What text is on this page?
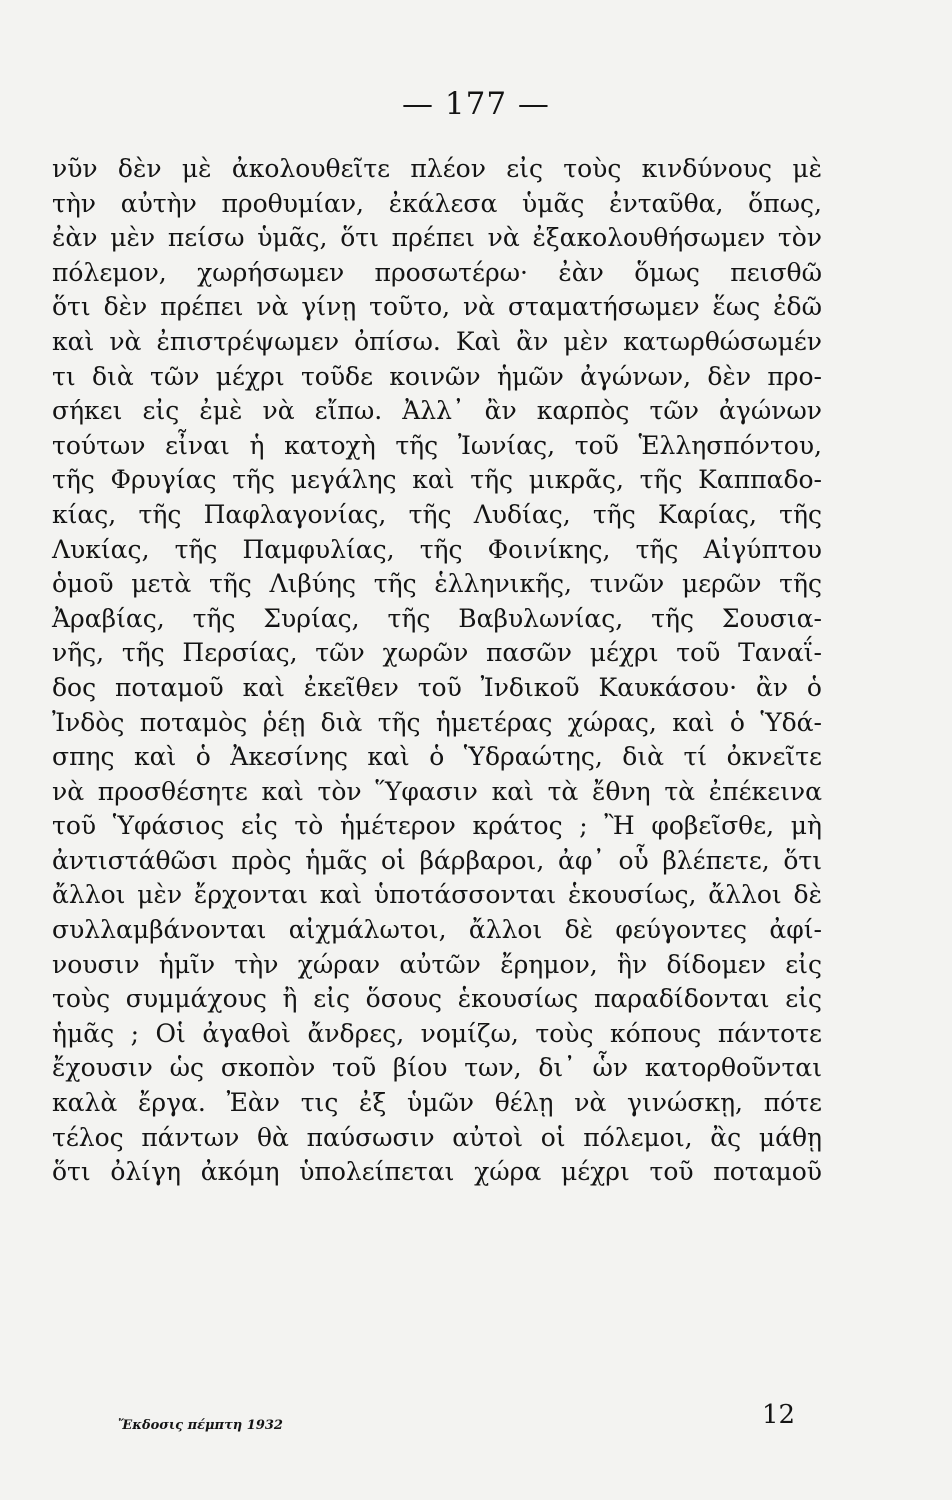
— 177 —
νῦν δὲν μὲ ἀκολουθεῖτε πλέον εἰς τοὺς κινδύνους μὲ
τὴν αὐτὴν προθυμίαν, ἐκάλεσα ὑμᾶς ἐνταῦθα, ὅπως,
ἐὰν μὲν πείσω ὑμᾶς, ὅτι πρέπει νὰ ἐξακολουθήσωμεν τὸν
πόλεμον, χωρήσωμεν προσωτέρω· ἐὰν ὅμως πεισθῶ
ὅτι δὲν πρέπει νὰ γίνῃ τοῦτο, νὰ σταματήσωμεν ἕως ἐδῶ
καὶ νὰ ἐπιστρέψωμεν ὀπίσω. Καὶ ἂν μὲν κατωρθώσωμέν
τι διὰ τῶν μέχρι τοῦδε κοινῶν ἡμῶν ἀγώνων, δὲν προ-
σήκει εἰς ἐμὲ νὰ εἴπω. Ἀλλ᾽ ἂν καρπὸς τῶν ἀγώνων
τούτων εἶναι ἡ κατοχὴ τῆς Ἰωνίας, τοῦ Ἑλλησπόντου,
τῆς Φρυγίας τῆς μεγάλης καὶ τῆς μικρᾶς, τῆς Καππαδο-
κίας, τῆς Παφλαγονίας, τῆς Λυδίας, τῆς Καρίας, τῆς
Λυκίας, τῆς Παμφυλίας, τῆς Φοινίκης, τῆς Αἰγύπτου
ὁμοῦ μετὰ τῆς Λιβύης τῆς ἑλληνικῆς, τινῶν μερῶν τῆς
Ἀραβίας, τῆς Συρίας, τῆς Βαβυλωνίας, τῆς Σουσια-
νῆς, τῆς Περσίας, τῶν χωρῶν πασῶν μέχρι τοῦ Ταναΐ-
δος ποταμοῦ καὶ ἐκεῖθεν τοῦ Ἰνδικοῦ Καυκάσου· ἂν ὁ
Ἰνδὸς ποταμὸς ῥέῃ διὰ τῆς ἡμετέρας χώρας, καὶ ὁ Ὑδά-
σπης καὶ ὁ Ἀκεσίνης καὶ ὁ Ὑδραώτης, διὰ τί ὀκνεῖτε
νὰ προσθέσητε καὶ τὸν Ὕφασιν καὶ τὰ ἔθνη τὰ ἐπέκεινα
τοῦ Ὑφάσιος εἰς τὸ ἡμέτερον κράτος ; Ἢ φοβεῖσθε, μὴ
ἀντιστάθῶσι πρὸς ἡμᾶς οἱ βάρβαροι, ἀφ᾽ οὗ βλέπετε, ὅτι
ἄλλοι μὲν ἔρχονται καὶ ὑποτάσσονται ἑκουσίως, ἄλλοι δὲ
συλλαμβάνονται αἰχμάλωτοι, ἄλλοι δὲ φεύγοντες ἀφί-
νουσιν ἡμῖν τὴν χώραν αὐτῶν ἔρημον, ἣν δίδομεν εἰς
τοὺς συμμάχους ἢ εἰς ὅσους ἑκουσίως παραδίδονται εἰς
ἡμᾶς ; Οἱ ἀγαθοὶ ἄνδρες, νομίζω, τοὺς κόπους πάντοτε
ἔχουσιν ὡς σκοπὸν τοῦ βίου των, δι᾽ ὧν κατορθοῦνται
καλὰ ἔργα. Ἐὰν τις ἐξ ὑμῶν θέλῃ νὰ γινώσκῃ, πότε
τέλος πάντων θὰ παύσωσιν αὐτοὶ οἱ πόλεμοι, ἂς μάθῃ
ὅτι ὀλίγη ἀκόμη ὑπολείπεται χώρα μέχρι τοῦ ποταμοῦ
Ἔκδοσις πέμπτη 1932	12
